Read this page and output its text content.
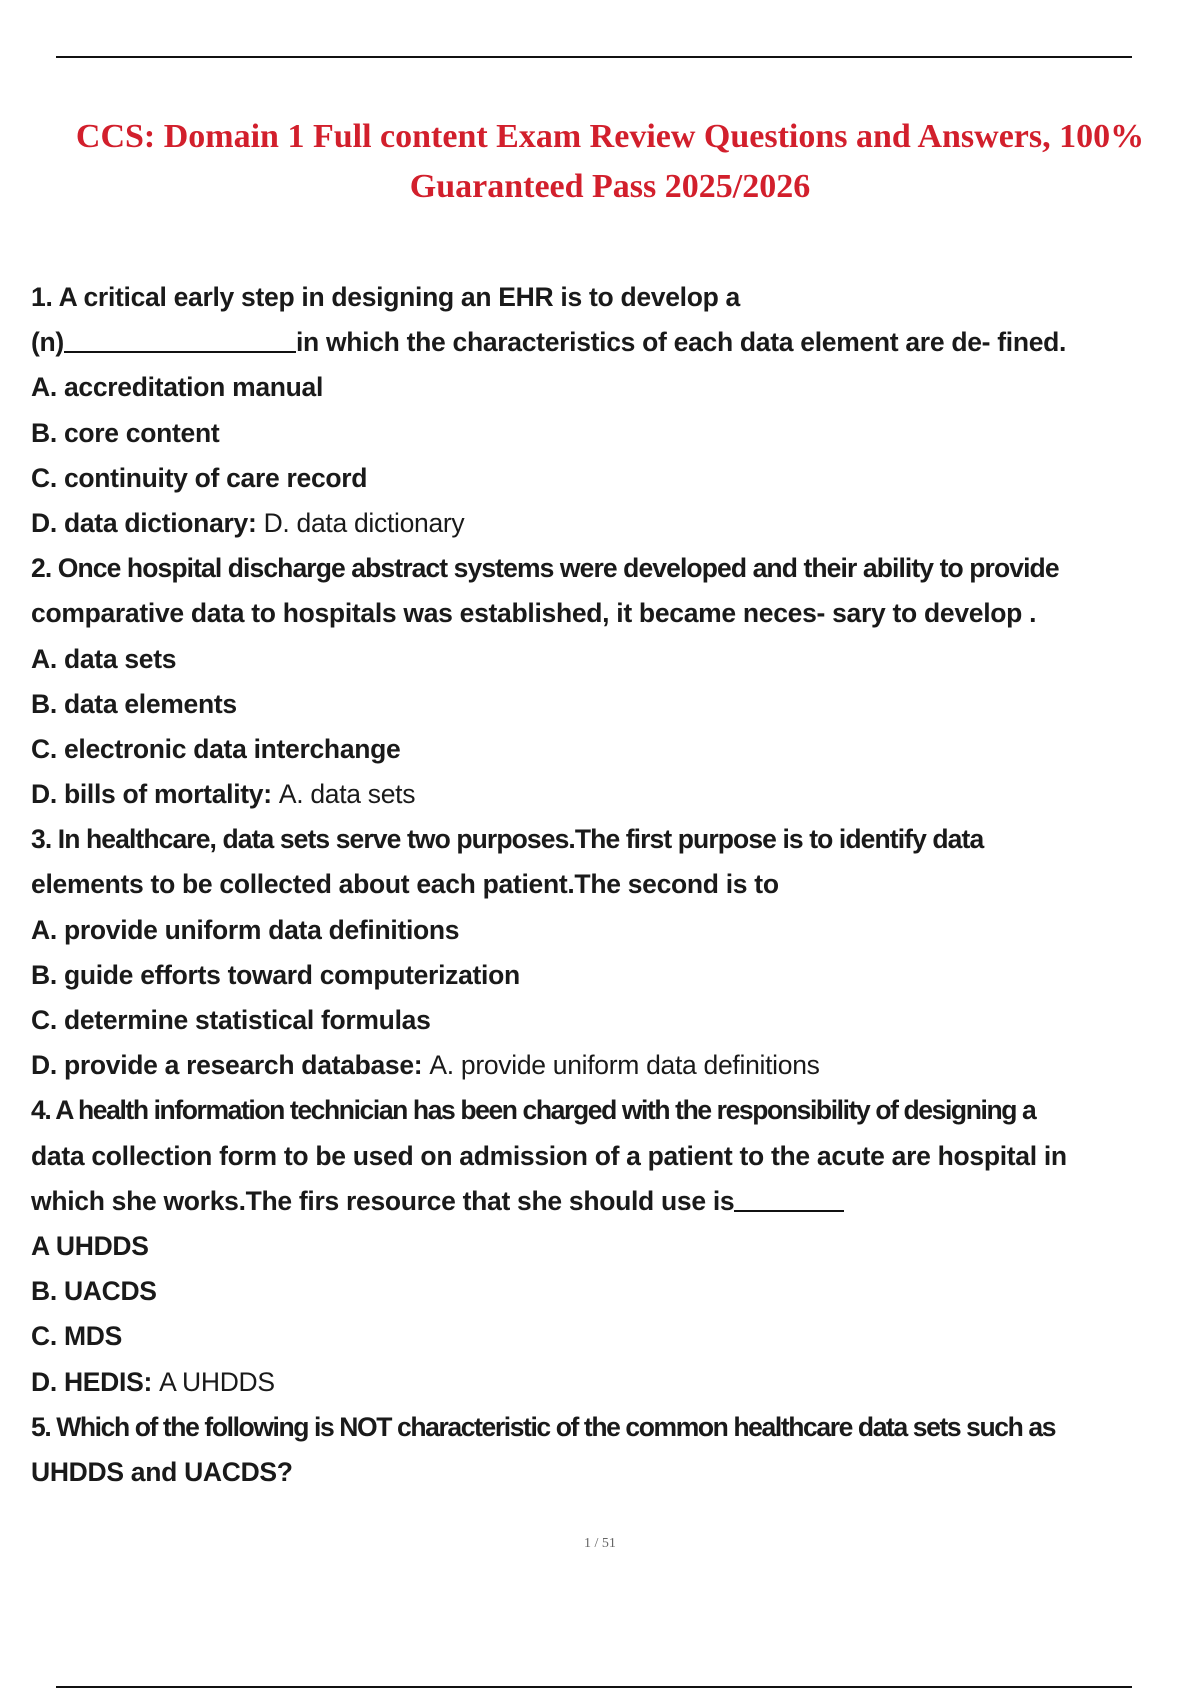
CCS: Domain 1 Full content Exam Review Questions and Answers, 100%
Guaranteed Pass 2025/2026
1. A critical early step in designing an EHR is to develop a
(n)	in which the characteristics of each data element are de- fined.
A. accreditation manual
B. core content
C. continuity of care record
D. data dictionary: D. data dictionary
2. Once hospital discharge abstract systems were developed and their ability to provide
comparative data to hospitals was established, it became neces- sary to develop .
A. data sets
B. data elements
C. electronic data interchange
D. bills of mortality: A. data sets
3. In healthcare, data sets serve two purposes.The first purpose is to identify data
elements to be collected about each patient.The second is to
A. provide uniform data definitions
B. guide efforts toward computerization
C. determine statistical formulas
D. provide a research database: A. provide uniform data definitions
4. A health information technician has been charged with the responsibility of designing a
data collection form to be used on admission of a patient to the acute are hospital in
which she works.The firs resource that she should use is
A UHDDS
B. UACDS
C. MDS
D. HEDIS: A UHDDS
5. Which of the following is NOT characteristic of the common healthcare data sets such as
UHDDS and UACDS?
1 / 51
